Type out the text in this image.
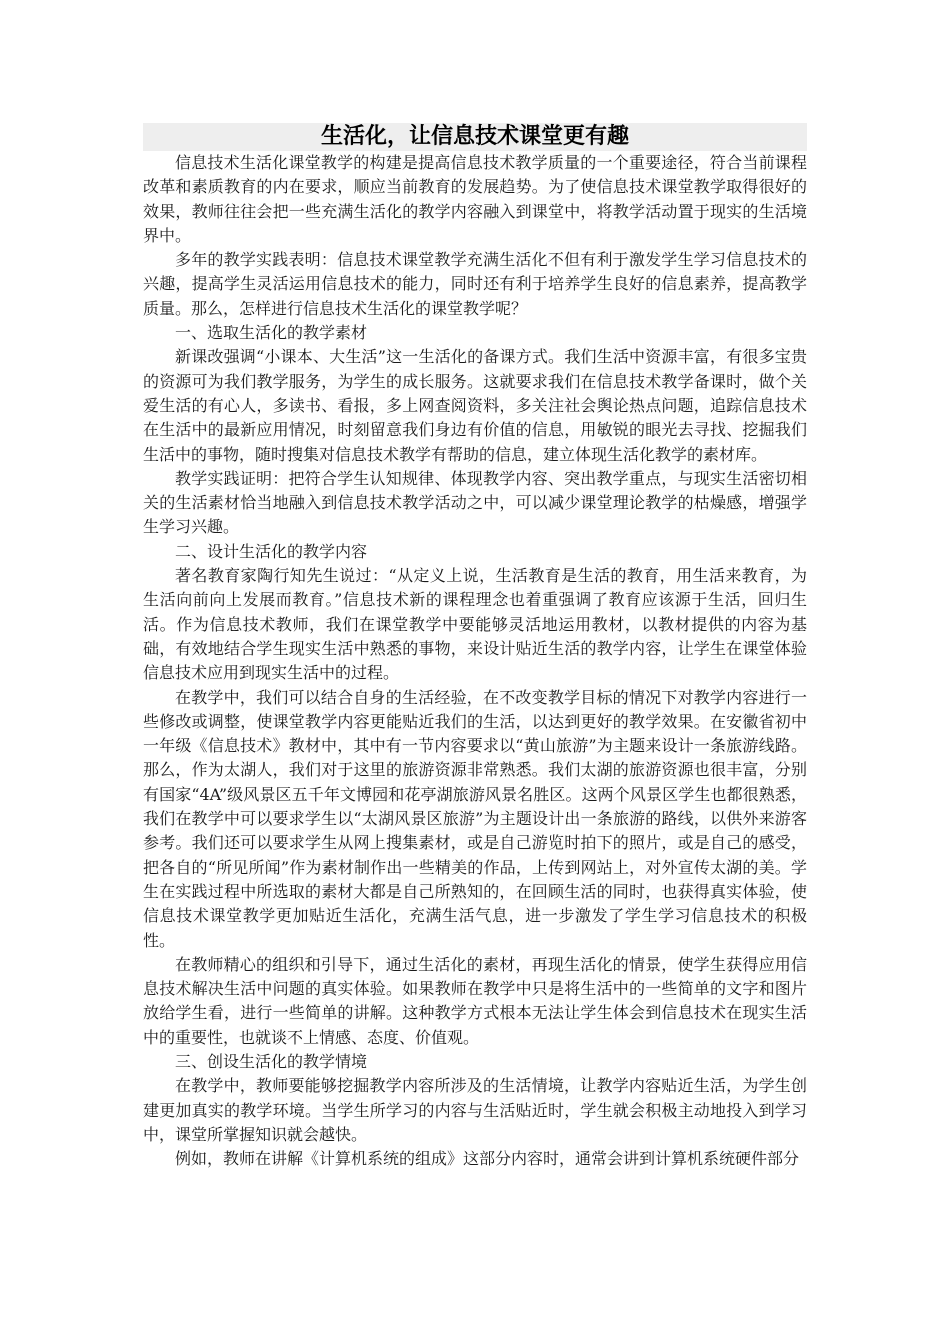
生活化，让信息技术课堂更有趣

信息技术生活化课堂教学的构建是提高信息技术教学质量的一个重要途径，符合当前课程改革和素质教育的内在要求，顺应当前教育的发展趋势。为了使信息技术课堂教学取得很好的效果，教师往往会把一些充满生活化的教学内容融入到课堂中，将教学活动置于现实的生活境界中。

多年的教学实践表明：信息技术课堂教学充满生活化不但有利于激发学生学习信息技术的兴趣，提高学生灵活运用信息技术的能力，同时还有利于培养学生良好的信息素养，提高教学质量。那么，怎样进行信息技术生活化的课堂教学呢？

一、选取生活化的教学素材

新课改强调“小课本、大生活”这一生活化的备课方式。我们生活中资源丰富，有很多宝贵的资源可为我们教学服务，为学生的成长服务。这就要求我们在信息技术教学备课时，做个关爱生活的有心人，多读书、看报，多上网查阅资料，多关注社会舆论热点问题，追踪信息技术在生活中的最新应用情况，时刻留意我们身边有价值的信息，用敏锐的眼光去寻找、挖掘我们生活中的事物，随时搜集对信息技术教学有帮助的信息，建立体现生活化教学的素材库。

教学实践证明：把符合学生认知规律、体现教学内容、突出教学重点，与现实生活密切相关的生活素材恰当地融入到信息技术教学活动之中，可以减少课堂理论教学的枯燥感，增强学生学习兴趣。

二、设计生活化的教学内容

著名教育家陶行知先生说过：“从定义上说，生活教育是生活的教育，用生活来教育，为生活向前向上发展而教育。”信息技术新的课程理念也着重强调了教育应该源于生活，回归生活。作为信息技术教师，我们在课堂教学中要能够灵活地运用教材，以教材提供的内容为基础，有效地结合学生现实生活中熟悉的事物，来设计贴近生活的教学内容，让学生在课堂体验信息技术应用到现实生活中的过程。

在教学中，我们可以结合自身的生活经验，在不改变教学目标的情况下对教学内容进行一些修改或调整，使课堂教学内容更能贴近我们的生活，以达到更好的教学效果。在安徽省初中一年级《信息技术》教材中，其中有一节内容要求以“黄山旅游”为主题来设计一条旅游线路。那么，作为太湖人，我们对于这里的旅游资源非常熟悉。我们太湖的旅游资源也很丰富，分别有国家“4A”级风景区五千年文博园和花亭湖旅游风景名胜区。这两个风景区学生也都很熟悉，我们在教学中可以要求学生以“太湖风景区旅游”为主题设计出一条旅游的路线，以供外来游客参考。我们还可以要求学生从网上搜集素材，或是自己游览时拍下的照片，或是自己的感受，把各自的“所见所闻”作为素材制作出一些精美的作品，上传到网站上，对外宣传太湖的美。学生在实践过程中所选取的素材大都是自己所熟知的，在回顾生活的同时，也获得真实体验，使信息技术课堂教学更加贴近生活化，充满生活气息，进一步激发了学生学习信息技术的积极性。

在教师精心的组织和引导下，通过生活化的素材，再现生活化的情景，使学生获得应用信息技术解决生活中问题的真实体验。如果教师在教学中只是将生活中的一些简单的文字和图片放给学生看，进行一些简单的讲解。这种教学方式根本无法让学生体会到信息技术在现实生活中的重要性，也就谈不上情感、态度、价值观。

三、创设生活化的教学情境

在教学中，教师要能够挖掘教学内容所涉及的生活情境，让教学内容贴近生活，为学生创建更加真实的教学环境。当学生所学习的内容与生活贴近时，学生就会积极主动地投入到学习中，课堂所掌握知识就会越快。

例如，教师在讲解《计算机系统的组成》这部分内容时，通常会讲到计算机系统硬件部分
